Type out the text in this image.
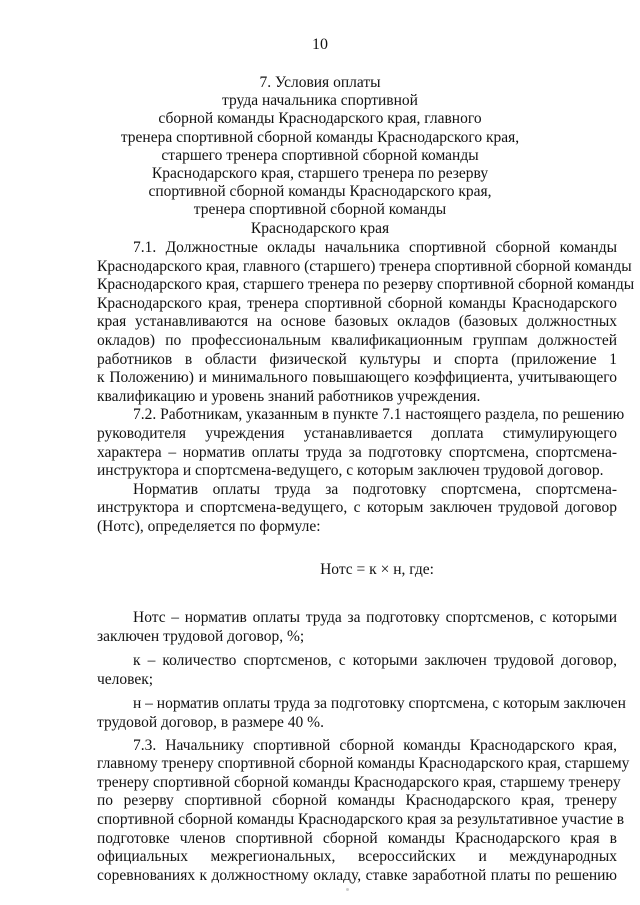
10
7. Условия оплаты
труда начальника спортивной
сборной команды Краснодарского края, главного
тренера спортивной сборной команды Краснодарского края,
старшего тренера спортивной сборной команды
Краснодарского края, старшего тренера по резерву
спортивной сборной команды Краснодарского края,
тренера спортивной сборной команды
Краснодарского края
7.1. Должностные оклады начальника спортивной сборной команды
Краснодарского края, главного (старшего) тренера спортивной сборной команды
Краснодарского края, старшего тренера по резерву спортивной сборной команды
Краснодарского края, тренера спортивной сборной команды Краснодарского
края устанавливаются на основе базовых окладов (базовых должностных
окладов) по профессиональным квалификационным группам должностей
работников в области физической культуры и спорта (приложение 1
к Положению) и минимального повышающего коэффициента, учитывающего
квалификацию и уровень знаний работников учреждения.
7.2. Работникам, указанным в пункте 7.1 настоящего раздела, по решению
руководителя учреждения устанавливается доплата стимулирующего
характера – норматив оплаты труда за подготовку спортсмена, спортсмена-
инструктора и спортсмена-ведущего, с которым заключен трудовой договор.
Норматив оплаты труда за подготовку спортсмена, спортсмена-
инструктора и спортсмена-ведущего, с которым заключен трудовой договор
(Нотс), определяется по формуле:
Нотс = к × н, где:
Нотс – норматив оплаты труда за подготовку спортсменов, с которыми
заключен трудовой договор, %;
к – количество спортсменов, с которыми заключен трудовой договор,
человек;
н – норматив оплаты труда за подготовку спортсмена, с которым заключен
трудовой договор, в размере 40 %.
7.3. Начальнику спортивной сборной команды Краснодарского края,
главному тренеру спортивной сборной команды Краснодарского края, старшему
тренеру спортивной сборной команды Краснодарского края, старшему тренеру
по резерву спортивной сборной команды Краснодарского края, тренеру
спортивной сборной команды Краснодарского края за результативное участие в
подготовке членов спортивной сборной команды Краснодарского края в
официальных межрегиональных, всероссийских и международных
соревнованиях к должностному окладу, ставке заработной платы по решению
